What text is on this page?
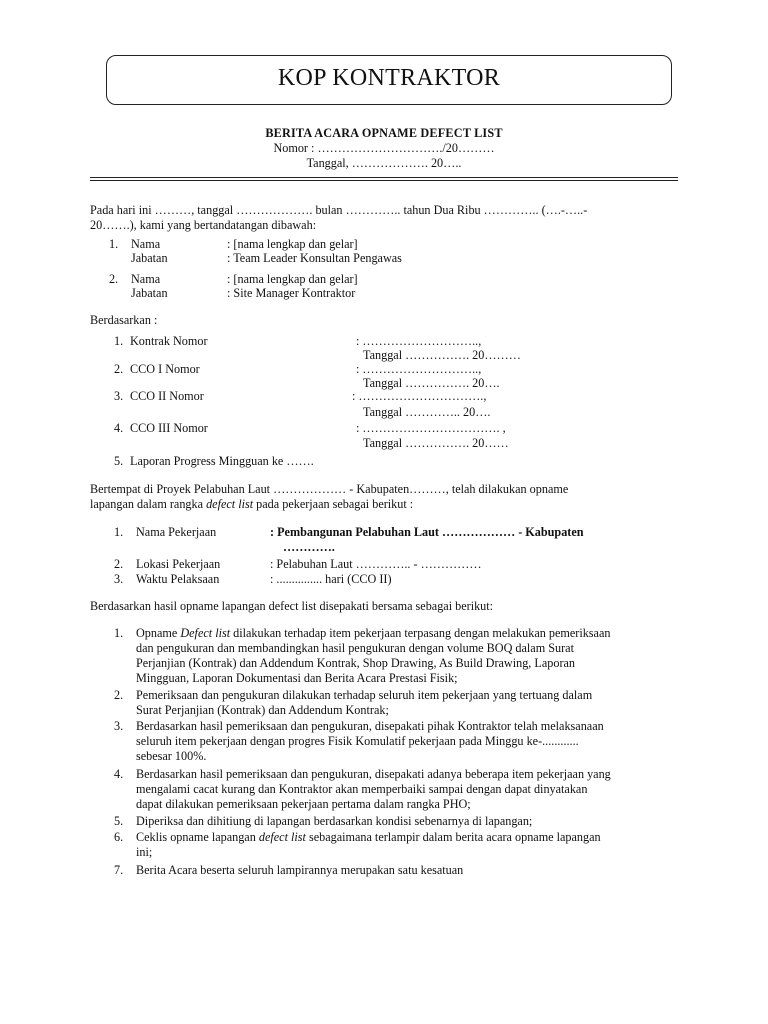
KOP KONTRAKTOR
BERITA ACARA OPNAME DEFECT LIST
Nomor : …………………………./20………
Tanggal, ………………. 20…..
Pada hari ini ………, tanggal ………………. bulan ………….. tahun Dua Ribu ………….. (….-…..-
20…….), kami yang bertandatangan dibawah:
1. Nama	: [nama lengkap dan gelar]
Jabatan	: Team Leader Konsultan Pengawas
2. Nama	: [nama lengkap dan gelar]
Jabatan	: Site Manager Kontraktor
Berdasarkan :
1. Kontrak Nomor	: ………………………..,
Tanggal ……………. 20………
2. CCO I Nomor	: ………………………..,
Tanggal ……………. 20….
3. CCO II Nomor	: ………………………….,
Tanggal ………….. 20….
4. CCO III Nomor	: ……………………………. ,
Tanggal ……………. 20……
5. Laporan Progress Mingguan ke …….
Bertempat di Proyek Pelabuhan Laut ……………… - Kabupaten………, telah dilakukan opname
lapangan dalam rangka defect list pada pekerjaan sebagai berikut :
1. Nama Pekerjaan	: Pembangunan Pelabuhan Laut ……………… - Kabupaten
………….
2. Lokasi Pekerjaan	: Pelabuhan Laut ………….. - ……………
3. Waktu Pelaksaan	: ............... hari (CCO II)
Berdasarkan hasil opname lapangan defect list disepakati bersama sebagai berikut:
1. Opname Defect list dilakukan terhadap item pekerjaan terpasang dengan melakukan pemeriksaan
dan pengukuran dan membandingkan hasil pengukuran dengan volume BOQ dalam Surat
Perjanjian (Kontrak) dan Addendum Kontrak, Shop Drawing, As Build Drawing, Laporan
Mingguan, Laporan Dokumentasi dan Berita Acara Prestasi Fisik;
2. Pemeriksaan dan pengukuran dilakukan terhadap seluruh item pekerjaan yang tertuang dalam
Surat Perjanjian (Kontrak) dan Addendum Kontrak;
3. Berdasarkan hasil pemeriksaan dan pengukuran, disepakati pihak Kontraktor telah melaksanaan
seluruh item pekerjaan dengan progres Fisik Komulatif pekerjaan pada Minggu ke-............
sebesar 100%.
4. Berdasarkan hasil pemeriksaan dan pengukuran, disepakati adanya beberapa item pekerjaan yang
mengalami cacat kurang dan Kontraktor akan memperbaiki sampai dengan dapat dinyatakan
dapat dilakukan pemeriksaan pekerjaan pertama dalam rangka PHO;
5. Diperiksa dan dihitiung di lapangan berdasarkan kondisi sebenarnya di lapangan;
6. Ceklis opname lapangan defect list sebagaimana terlampir dalam berita acara opname lapangan
ini;
7. Berita Acara beserta seluruh lampirannya merupakan satu kesatuan
